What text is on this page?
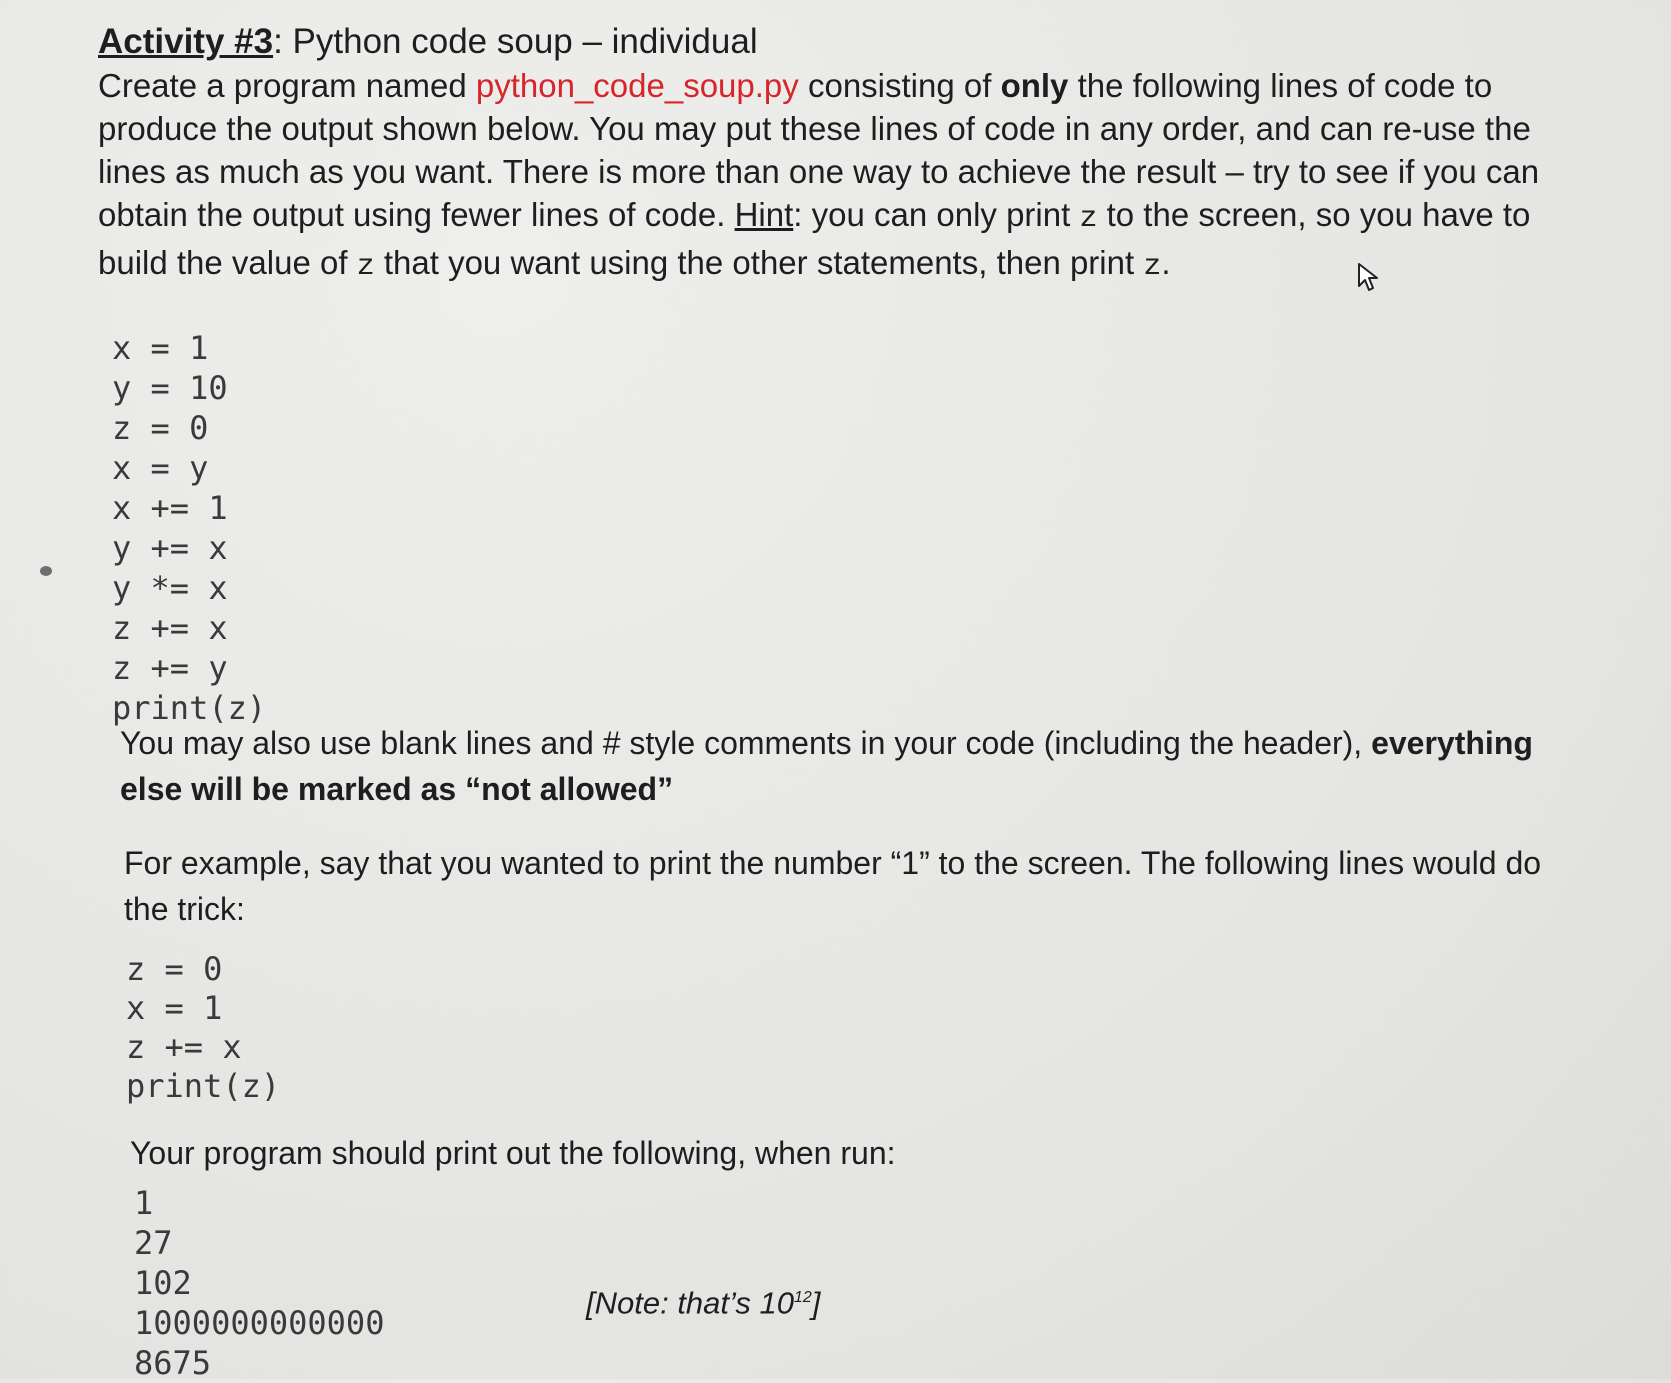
Activity #3: Python code soup – individual

Create a program named python_code_soup.py consisting of only the following lines of code to produce the output shown below. You may put these lines of code in any order, and can re-use the lines as much as you want. There is more than one way to achieve the result – try to see if you can obtain the output using fewer lines of code. Hint: you can only print z to the screen, so you have to build the value of z that you want using the other statements, then print z.

x = 1
y = 10
z = 0
x = y
x += 1
y += x
y *= x
z += x
z += y
print(z)

You may also use blank lines and # style comments in your code (including the header), everything else will be marked as “not allowed”

For example, say that you wanted to print the number “1” to the screen. The following lines would do the trick:

z = 0
x = 1
z += x
print(z)

Your program should print out the following, when run:

1
27
102
1000000000000
8675

[Note: that’s $10^{12}$]
